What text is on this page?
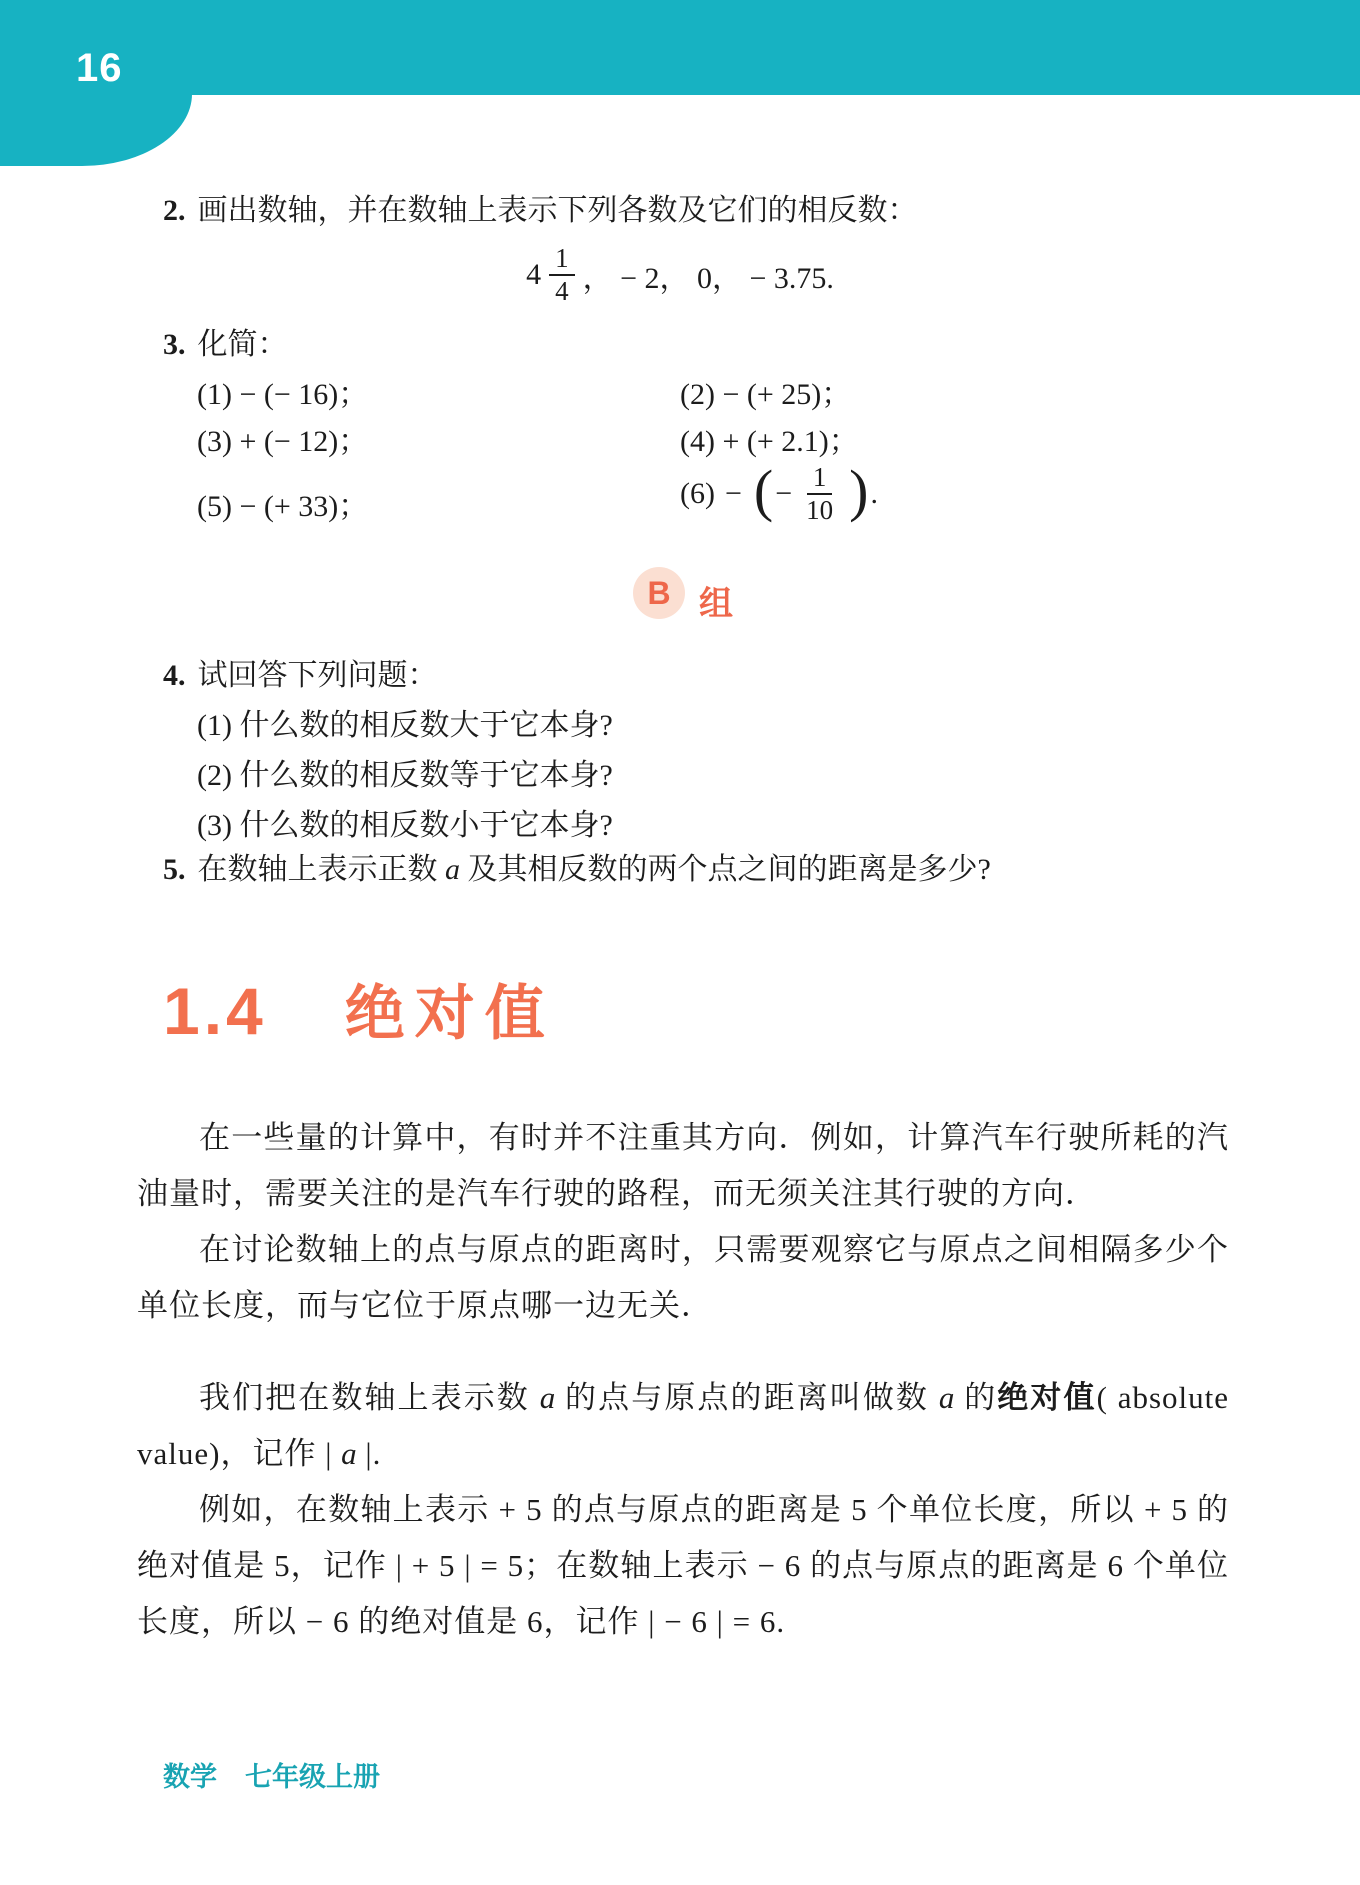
16
2. 画出数轴，并在数轴上表示下列各数及它们的相反数：
$4 \frac{1}{4}$ ， − 2， 0， − 3.75.
3. 化简：
(1) − (− 16)；	(2) − (+ 25)；
(3) + (− 12)；	(4) + (+ 2.1)；
(5) − (+ 33)；	(6) − ( − $\frac{1}{10}$ ) .
B 组
4. 试回答下列问题：
(1) 什么数的相反数大于它本身?
(2) 什么数的相反数等于它本身?
(3) 什么数的相反数小于它本身?
5. 在数轴上表示正数 a 及其相反数的两个点之间的距离是多少?
1.4 绝对值
在一些量的计算中，有时并不注重其方向．例如，计算汽车行驶所耗的汽油量时，需要关注的是汽车行驶的路程，而无须关注其行驶的方向．
在讨论数轴上的点与原点的距离时，只需要观察它与原点之间相隔多少个单位长度，而与它位于原点哪一边无关．
我们把在数轴上表示数 a 的点与原点的距离叫做数 a 的绝对值( absolute value)，记作 | a |.
例如，在数轴上表示 + 5 的点与原点的距离是 5 个单位长度，所以 + 5 的绝对值是 5，记作 | + 5 | = 5；在数轴上表示 − 6 的点与原点的距离是 6 个单位长度，所以 − 6 的绝对值是 6，记作 | − 6 | = 6.
数学 七年级上册
